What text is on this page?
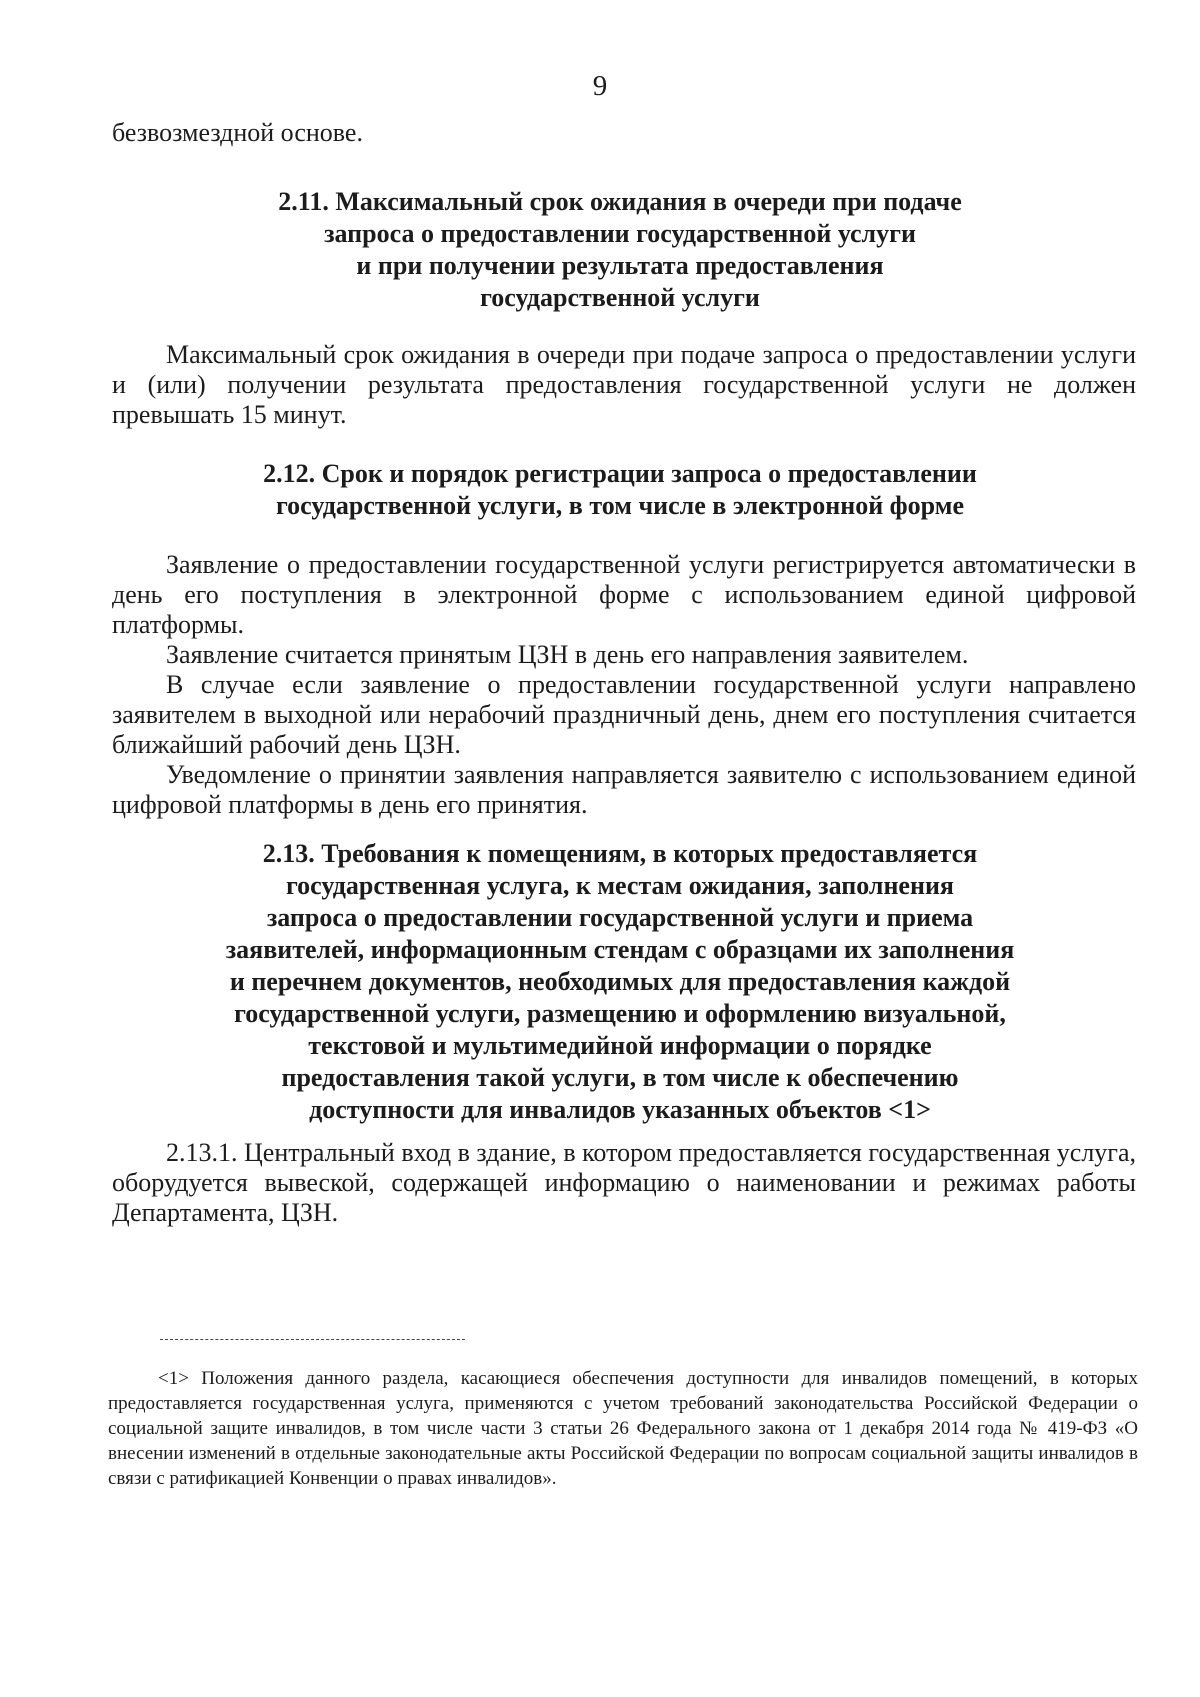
9

безвозмездной основе.

2.11. Максимальный срок ожидания в очереди при подаче
запроса о предоставлении государственной услуги
и при получении результата предоставления
государственной услуги

Максимальный срок ожидания в очереди при подаче запроса о предоставлении услуги и (или) получении результата предоставления государственной услуги не должен превышать 15 минут.

2.12. Срок и порядок регистрации запроса о предоставлении
государственной услуги, в том числе в электронной форме

Заявление о предоставлении государственной услуги регистрируется автоматически в день его поступления в электронной форме с использованием единой цифровой платформы.

Заявление считается принятым ЦЗН в день его направления заявителем.

В случае если заявление о предоставлении государственной услуги направлено заявителем в выходной или нерабочий праздничный день, днем его поступления считается ближайший рабочий день ЦЗН.

Уведомление о принятии заявления направляется заявителю с использованием единой цифровой платформы в день его принятия.

2.13. Требования к помещениям, в которых предоставляется
государственная услуга, к местам ожидания, заполнения
запроса о предоставлении государственной услуги и приема
заявителей, информационным стендам с образцами их заполнения
и перечнем документов, необходимых для предоставления каждой
государственной услуги, размещению и оформлению визуальной,
текстовой и мультимедийной информации о порядке
предоставления такой услуги, в том числе к обеспечению
доступности для инвалидов указанных объектов <1>

2.13.1. Центральный вход в здание, в котором предоставляется государственная услуга, оборудуется вывеской, содержащей информацию о наименовании и режимах работы Департамента, ЦЗН.

<1> Положения данного раздела, касающиеся обеспечения доступности для инвалидов помещений, в которых предоставляется государственная услуга, применяются с учетом требований законодательства Российской Федерации о социальной защите инвалидов, в том числе части 3 статьи 26 Федерального закона от 1 декабря 2014 года № 419-ФЗ «О внесении изменений в отдельные законодательные акты Российской Федерации по вопросам социальной защиты инвалидов в связи с ратификацией Конвенции о правах инвалидов».
